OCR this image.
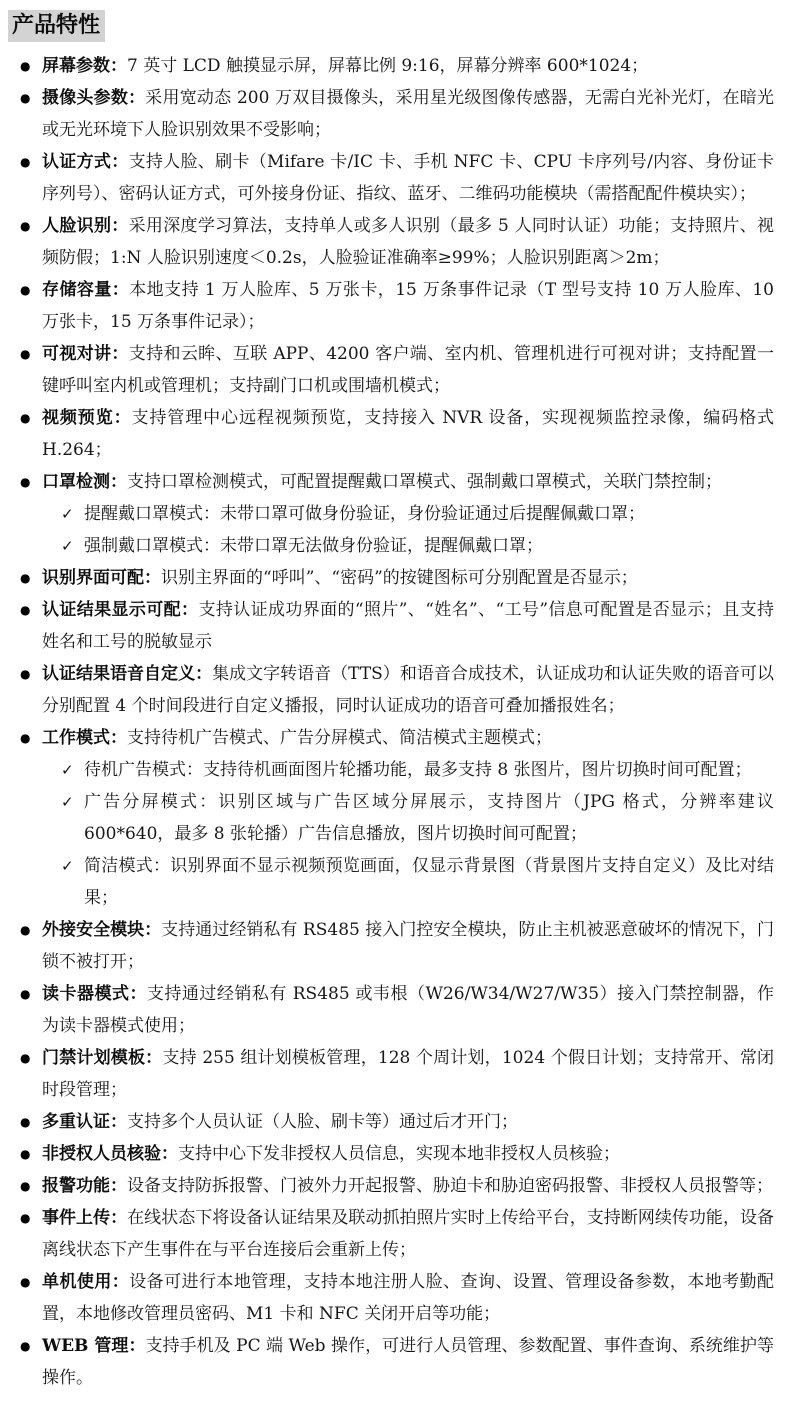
产品特性
● 屏幕参数：7 英寸 LCD 触摸显示屏，屏幕比例 9:16，屏幕分辨率 600*1024；
● 摄像头参数：采用宽动态 200 万双目摄像头，采用星光级图像传感器，无需白光补光灯，在暗光或无光环境下人脸识别效果不受影响；
● 认证方式：支持人脸、刷卡（Mifare 卡/IC 卡、手机 NFC 卡、CPU 卡序列号/内容、身份证卡序列号）、密码认证方式，可外接身份证、指纹、蓝牙、二维码功能模块（需搭配配件模块实）；
● 人脸识别：采用深度学习算法，支持单人或多人识别（最多 5 人同时认证）功能；支持照片、视频防假；1:N 人脸识别速度＜0.2s，人脸验证准确率≥99%；人脸识别距离＞2m；
● 存储容量：本地支持 1 万人脸库、5 万张卡，15 万条事件记录（T 型号支持 10 万人脸库、10 万张卡，15 万条事件记录）；
● 可视对讲：支持和云眸、互联 APP、4200 客户端、室内机、管理机进行可视对讲；支持配置一键呼叫室内机或管理机；支持副门口机或围墙机模式；
● 视频预览：支持管理中心远程视频预览，支持接入 NVR 设备，实现视频监控录像，编码格式 H.264；
● 口罩检测：支持口罩检测模式，可配置提醒戴口罩模式、强制戴口罩模式，关联门禁控制；
✓ 提醒戴口罩模式：未带口罩可做身份验证，身份验证通过后提醒佩戴口罩；
✓ 强制戴口罩模式：未带口罩无法做身份验证，提醒佩戴口罩；
● 识别界面可配：识别主界面的“呼叫”、“密码”的按键图标可分别配置是否显示；
● 认证结果显示可配：支持认证成功界面的“照片”、“姓名”、“工号”信息可配置是否显示；且支持姓名和工号的脱敏显示
● 认证结果语音自定义：集成文字转语音（TTS）和语音合成技术，认证成功和认证失败的语音可以分别配置 4 个时间段进行自定义播报，同时认证成功的语音可叠加播报姓名；
● 工作模式：支持待机广告模式、广告分屏模式、简洁模式主题模式；
✓ 待机广告模式：支持待机画面图片轮播功能，最多支持 8 张图片，图片切换时间可配置；
✓ 广告分屏模式：识别区域与广告区域分屏展示，支持图片（JPG 格式，分辨率建议 600*640，最多 8 张轮播）广告信息播放，图片切换时间可配置；
✓ 简洁模式：识别界面不显示视频预览画面，仅显示背景图（背景图片支持自定义）及比对结果；
● 外接安全模块：支持通过经销私有 RS485 接入门控安全模块，防止主机被恶意破坏的情况下，门锁不被打开；
● 读卡器模式：支持通过经销私有 RS485 或韦根（W26/W34/W27/W35）接入门禁控制器，作为读卡器模式使用；
● 门禁计划模板：支持 255 组计划模板管理，128 个周计划，1024 个假日计划；支持常开、常闭时段管理；
● 多重认证：支持多个人员认证（人脸、刷卡等）通过后才开门；
● 非授权人员核验：支持中心下发非授权人员信息，实现本地非授权人员核验；
● 报警功能：设备支持防拆报警、门被外力开起报警、胁迫卡和胁迫密码报警、非授权人员报警等；
● 事件上传：在线状态下将设备认证结果及联动抓拍照片实时上传给平台，支持断网续传功能，设备离线状态下产生事件在与平台连接后会重新上传；
● 单机使用：设备可进行本地管理，支持本地注册人脸、查询、设置、管理设备参数，本地考勤配置，本地修改管理员密码、M1 卡和 NFC 关闭开启等功能；
● WEB 管理：支持手机及 PC 端 Web 操作，可进行人员管理、参数配置、事件查询、系统维护等操作。
